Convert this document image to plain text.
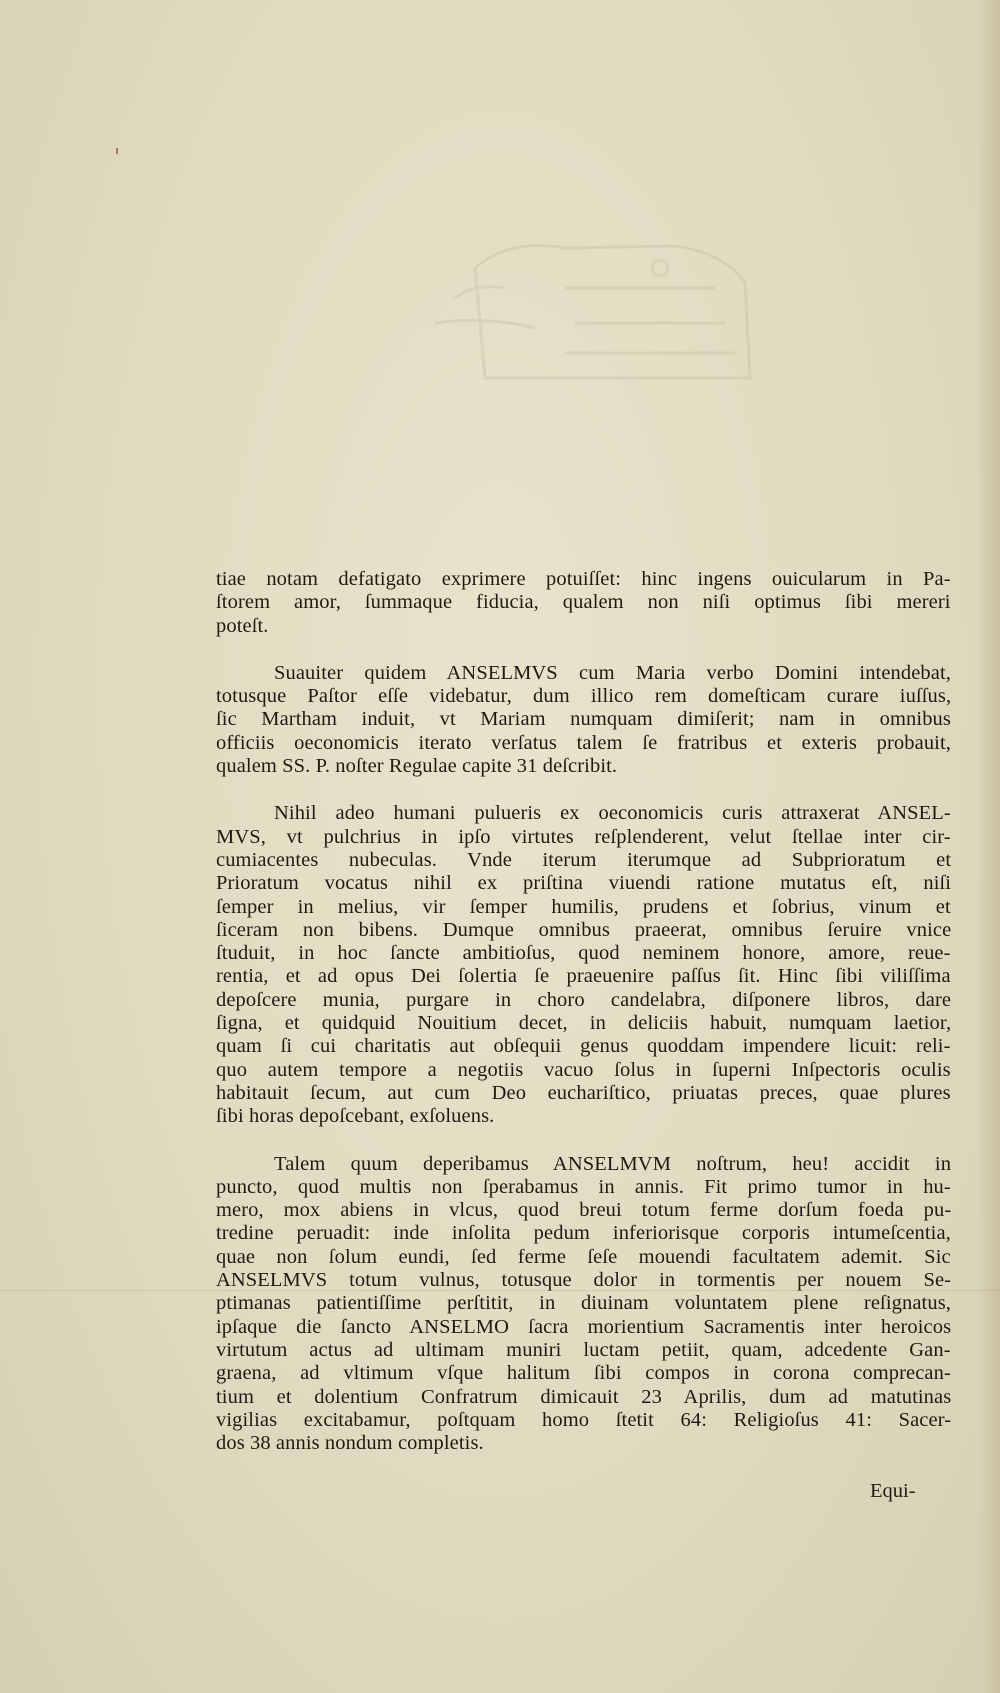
tiae notam defatigato exprimere potuiſſet: hinc ingens ouicularum in Pa-
ſtorem amor, ſummaque fiducia, qualem non niſi optimus ſibi mereri
poteſt.
Suauiter quidem ANSELMVS cum Maria verbo Domini intendebat,
totusque Paſtor eſſe videbatur, dum illico rem domeſticam curare iuſſus,
ſic Martham induit, vt Mariam numquam dimiſerit; nam in omnibus
officiis oeconomicis iterato verſatus talem ſe fratribus et exteris probauit,
qualem SS. P. noſter Regulae capite 31 deſcribit.
Nihil adeo humani pulueris ex oeconomicis curis attraxerat ANSEL-
MVS, vt pulchrius in ipſo virtutes reſplenderent, velut ſtellae inter cir-
cumiacentes nubeculas. Vnde iterum iterumque ad Subprioratum et
Prioratum vocatus nihil ex priſtina viuendi ratione mutatus eſt, niſi
ſemper in melius, vir ſemper humilis, prudens et ſobrius, vinum et
ſiceram non bibens. Dumque omnibus praeerat, omnibus ſeruire vnice
ſtuduit, in hoc ſancte ambitioſus, quod neminem honore, amore, reue-
rentia, et ad opus Dei ſolertia ſe praeuenire paſſus ſit. Hinc ſibi viliſſima
depoſcere munia, purgare in choro candelabra, diſponere libros, dare
ſigna, et quidquid Nouitium decet, in deliciis habuit, numquam laetior,
quam ſi cui charitatis aut obſequii genus quoddam impendere licuit: reli-
quo autem tempore a negotiis vacuo ſolus in ſuperni Inſpectoris oculis
habitauit ſecum, aut cum Deo euchariſtico, priuatas preces, quae plures
ſibi horas depoſcebant, exſoluens.
Talem quum deperibamus ANSELMVM noſtrum, heu! accidit in
puncto, quod multis non ſperabamus in annis. Fit primo tumor in hu-
mero, mox abiens in vlcus, quod breui totum ferme dorſum foeda pu-
tredine peruadit: inde inſolita pedum inferiorisque corporis intumeſcentia,
quae non ſolum eundi, ſed ferme ſeſe mouendi facultatem ademit. Sic
ANSELMVS totum vulnus, totusque dolor in tormentis per nouem Se-
ptimanas patientiſſime perſtitit, in diuinam voluntatem plene reſignatus,
ipſaque die ſancto ANSELMO ſacra morientium Sacramentis inter heroicos
virtutum actus ad ultimam muniri luctam petiit, quam, adcedente Gan-
graena, ad vltimum vſque halitum ſibi compos in corona comprecan-
tium et dolentium Confratrum dimicauit 23 Aprilis, dum ad matutinas
vigilias excitabamur, poſtquam homo ſtetit 64: Religioſus 41: Sacer-
dos 38 annis nondum completis.
Equi-
